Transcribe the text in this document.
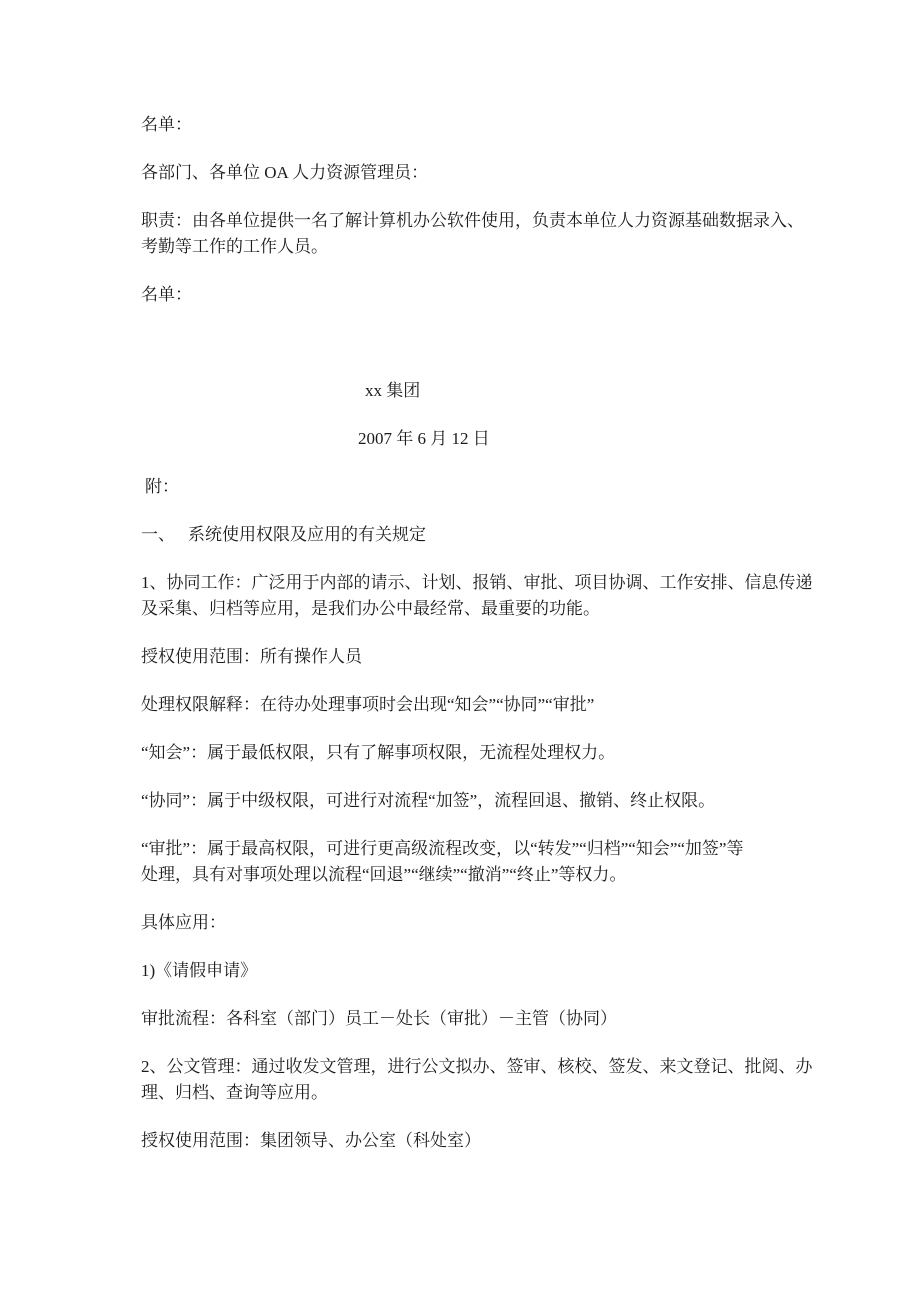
名单：
各部门、各单位 OA 人力资源管理员：
职责：由各单位提供一名了解计算机办公软件使用，负责本单位人力资源基础数据录入、
考勤等工作的工作人员。
名单：
xx 集团
2007 年 6 月 12 日
附：
一、 系统使用权限及应用的有关规定
1、协同工作：广泛用于内部的请示、计划、报销、审批、项目协调、工作安排、信息传递
及采集、归档等应用，是我们办公中最经常、最重要的功能。
授权使用范围：所有操作人员
处理权限解释：在待办处理事项时会出现“知会”“协同”“审批”
“知会”：属于最低权限，只有了解事项权限，无流程处理权力。
“协同”：属于中级权限，可进行对流程“加签”，流程回退、撤销、终止权限。
“审批”：属于最高权限，可进行更高级流程改变，以“转发”“归档”“知会”“加签”等
处理，具有对事项处理以流程“回退”“继续”“撤消”“终止”等权力。
具体应用：
1)《请假申请》
审批流程：各科室（部门）员工－处长（审批）－主管（协同）
2、公文管理：通过收发文管理，进行公文拟办、签审、核校、签发、来文登记、批阅、办
理、归档、查询等应用。
授权使用范围：集团领导、办公室（科处室）
